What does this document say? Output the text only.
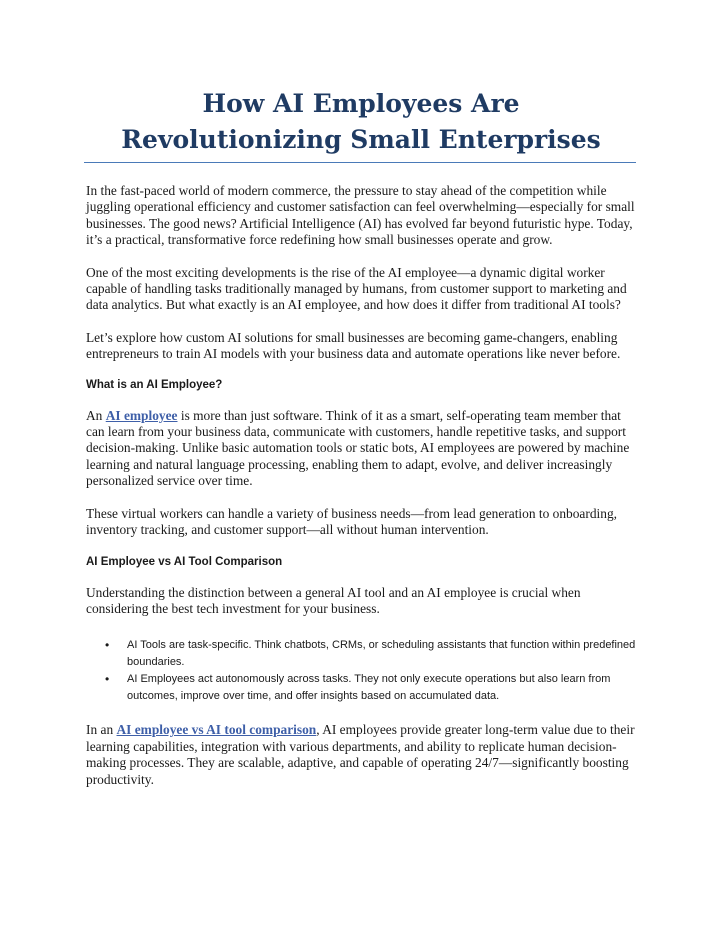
How AI Employees Are
Revolutionizing Small Enterprises

In the fast-paced world of modern commerce, the pressure to stay ahead of the competition while juggling operational efficiency and customer satisfaction can feel overwhelming—especially for small businesses. The good news? Artificial Intelligence (AI) has evolved far beyond futuristic hype. Today, it’s a practical, transformative force redefining how small businesses operate and grow.

One of the most exciting developments is the rise of the AI employee—a dynamic digital worker capable of handling tasks traditionally managed by humans, from customer support to marketing and data analytics. But what exactly is an AI employee, and how does it differ from traditional AI tools?

Let’s explore how custom AI solutions for small businesses are becoming game-changers, enabling entrepreneurs to train AI models with your business data and automate operations like never before.

What is an AI Employee?

An AI employee is more than just software. Think of it as a smart, self-operating team member that can learn from your business data, communicate with customers, handle repetitive tasks, and support decision-making. Unlike basic automation tools or static bots, AI employees are powered by machine learning and natural language processing, enabling them to adapt, evolve, and deliver increasingly personalized service over time.

These virtual workers can handle a variety of business needs—from lead generation to onboarding, inventory tracking, and customer support—all without human intervention.

AI Employee vs AI Tool Comparison

Understanding the distinction between a general AI tool and an AI employee is crucial when considering the best tech investment for your business.

• AI Tools are task-specific. Think chatbots, CRMs, or scheduling assistants that function within predefined boundaries.
• AI Employees act autonomously across tasks. They not only execute operations but also learn from outcomes, improve over time, and offer insights based on accumulated data.

In an AI employee vs AI tool comparison, AI employees provide greater long-term value due to their learning capabilities, integration with various departments, and ability to replicate human decision-making processes. They are scalable, adaptive, and capable of operating 24/7—significantly boosting productivity.
